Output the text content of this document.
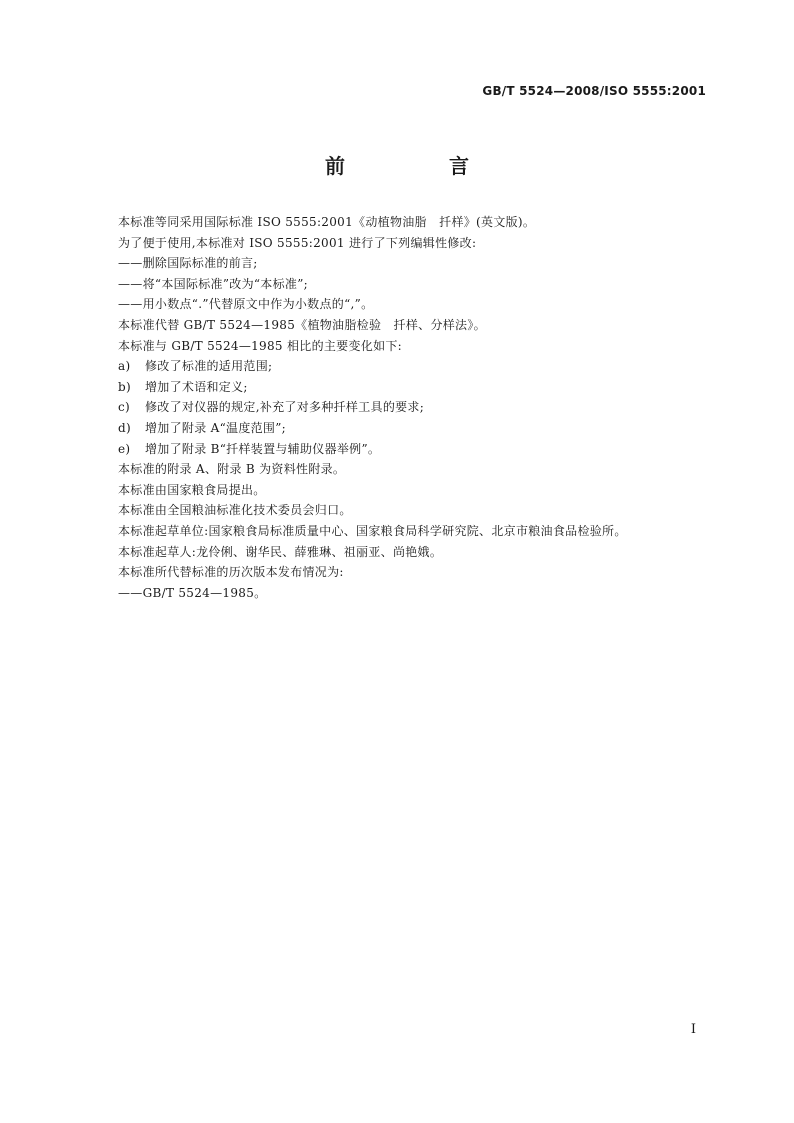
GB/T 5524—2008/ISO 5555:2001
前　言
本标准等同采用国际标准 ISO 5555:2001《动植物油脂　扦样》(英文版)。
为了便于使用,本标准对 ISO 5555:2001 进行了下列编辑性修改:
——删除国际标准的前言;
——将“本国际标准”改为“本标准”;
——用小数点“.”代替原文中作为小数点的“,”。
本标准代替 GB/T 5524—1985《植物油脂检验　扦样、分样法》。
本标准与 GB/T 5524—1985 相比的主要变化如下:
a) 修改了标准的适用范围;
b) 增加了术语和定义;
c) 修改了对仪器的规定,补充了对多种扦样工具的要求;
d) 增加了附录 A“温度范围”;
e) 增加了附录 B“扦样装置与辅助仪器举例”。
本标准的附录 A、附录 B 为资料性附录。
本标准由国家粮食局提出。
本标准由全国粮油标准化技术委员会归口。
本标准起草单位:国家粮食局标准质量中心、国家粮食局科学研究院、北京市粮油食品检验所。
本标准起草人:龙伶俐、谢华民、薛雅琳、祖丽亚、尚艳娥。
本标准所代替标准的历次版本发布情况为:
——GB/T 5524—1985。
I
